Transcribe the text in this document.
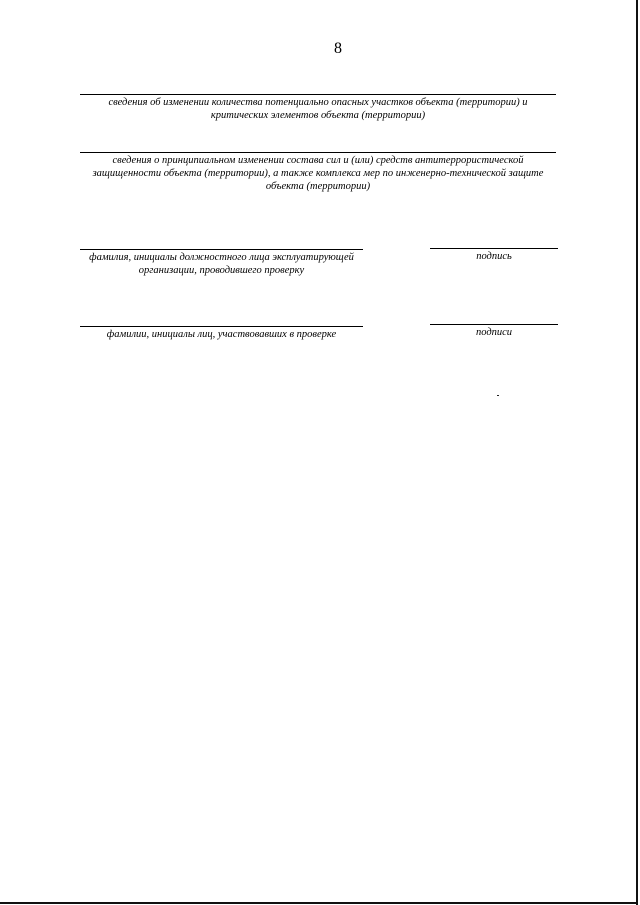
8
сведения об изменении количества потенциально опасных участков объекта (территории) и критических элементов объекта (территории)
сведения о принципиальном изменении состава сил и (или) средств антитеррористической защищенности объекта (территории), а также комплекса мер по инженерно-технической защите объекта (территории)
фамилия, инициалы должностного лица эксплуатирующей организации, проводившего проверку
подпись
фамилии, инициалы лиц, участвовавших в проверке	подписи
